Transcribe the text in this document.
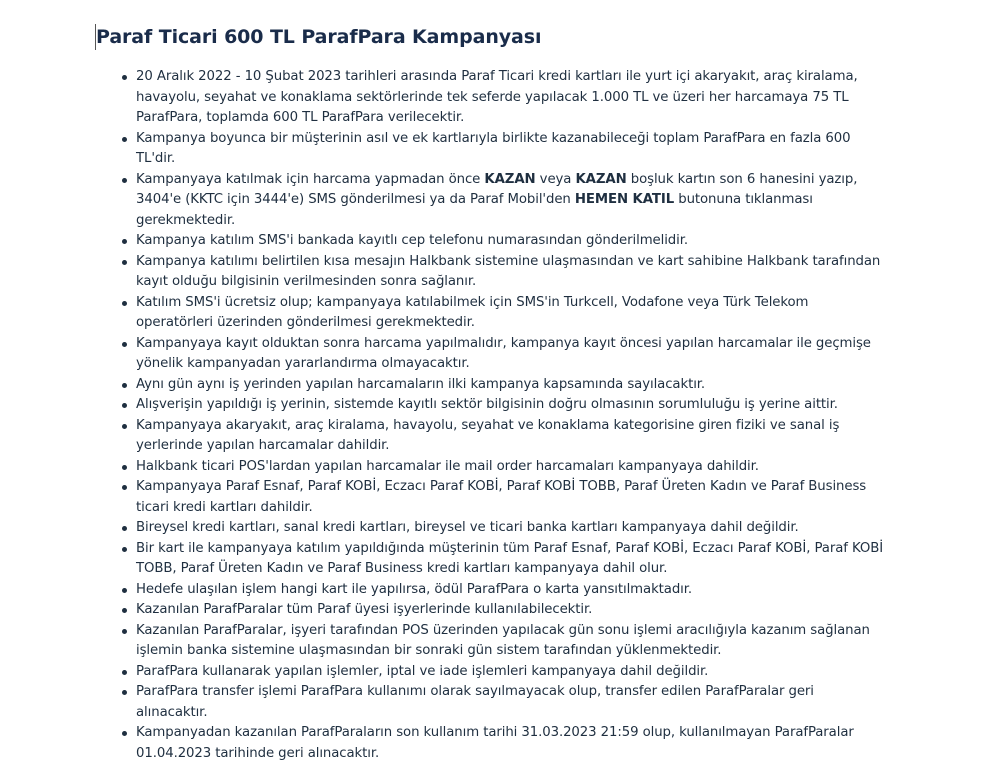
Paraf Ticari 600 TL ParafPara Kampanyası
20 Aralık 2022 - 10 Şubat 2023 tarihleri arasında Paraf Ticari kredi kartları ile yurt içi akaryakıt, araç kiralama, havayolu, seyahat ve konaklama sektörlerinde tek seferde yapılacak 1.000 TL ve üzeri her harcamaya 75 TL ParafPara, toplamda 600 TL ParafPara verilecektir.
Kampanya boyunca bir müşterinin asıl ve ek kartlarıyla birlikte kazanabileceği toplam ParafPara en fazla 600 TL'dir.
Kampanyaya katılmak için harcama yapmadan önce KAZAN veya KAZAN boşluk kartın son 6 hanesini yazıp, 3404'e (KKTC için 3444'e) SMS gönderilmesi ya da Paraf Mobil'den HEMEN KATIL butonuna tıklanması gerekmektedir.
Kampanya katılım SMS'i bankada kayıtlı cep telefonu numarasından gönderilmelidir.
Kampanya katılımı belirtilen kısa mesajın Halkbank sistemine ulaşmasından ve kart sahibine Halkbank tarafından kayıt olduğu bilgisinin verilmesinden sonra sağlanır.
Katılım SMS'i ücretsiz olup; kampanyaya katılabilmek için SMS'in Turkcell, Vodafone veya Türk Telekom operatörleri üzerinden gönderilmesi gerekmektedir.
Kampanyaya kayıt olduktan sonra harcama yapılmalıdır, kampanya kayıt öncesi yapılan harcamalar ile geçmişe yönelik kampanyadan yararlandırma olmayacaktır.
Aynı gün aynı iş yerinden yapılan harcamaların ilki kampanya kapsamında sayılacaktır.
Alışverişin yapıldığı iş yerinin, sistemde kayıtlı sektör bilgisinin doğru olmasının sorumluluğu iş yerine aittir.
Kampanyaya akaryakıt, araç kiralama, havayolu, seyahat ve konaklama kategorisine giren fiziki ve sanal iş yerlerinde yapılan harcamalar dahildir.
Halkbank ticari POS'lardan yapılan harcamalar ile mail order harcamaları kampanyaya dahildir.
Kampanyaya Paraf Esnaf, Paraf KOBİ, Eczacı Paraf KOBİ, Paraf KOBİ TOBB, Paraf Üreten Kadın ve Paraf Business ticari kredi kartları dahildir.
Bireysel kredi kartları, sanal kredi kartları, bireysel ve ticari banka kartları kampanyaya dahil değildir.
Bir kart ile kampanyaya katılım yapıldığında müşterinin tüm Paraf Esnaf, Paraf KOBİ, Eczacı Paraf KOBİ, Paraf KOBİ TOBB, Paraf Üreten Kadın ve Paraf Business kredi kartları kampanyaya dahil olur.
Hedefe ulaşılan işlem hangi kart ile yapılırsa, ödül ParafPara o karta yansıtılmaktadır.
Kazanılan ParafParalar tüm Paraf üyesi işyerlerinde kullanılabilecektir.
Kazanılan ParafParalar, işyeri tarafından POS üzerinden yapılacak gün sonu işlemi aracılığıyla kazanım sağlanan işlemin banka sistemine ulaşmasından bir sonraki gün sistem tarafından yüklenmektedir.
ParafPara kullanarak yapılan işlemler, iptal ve iade işlemleri kampanyaya dahil değildir.
ParafPara transfer işlemi ParafPara kullanımı olarak sayılmayacak olup, transfer edilen ParafParalar geri alınacaktır.
Kampanyadan kazanılan ParafParaların son kullanım tarihi 31.03.2023 21:59 olup, kullanılmayan ParafParalar 01.04.2023 tarihinde geri alınacaktır.
